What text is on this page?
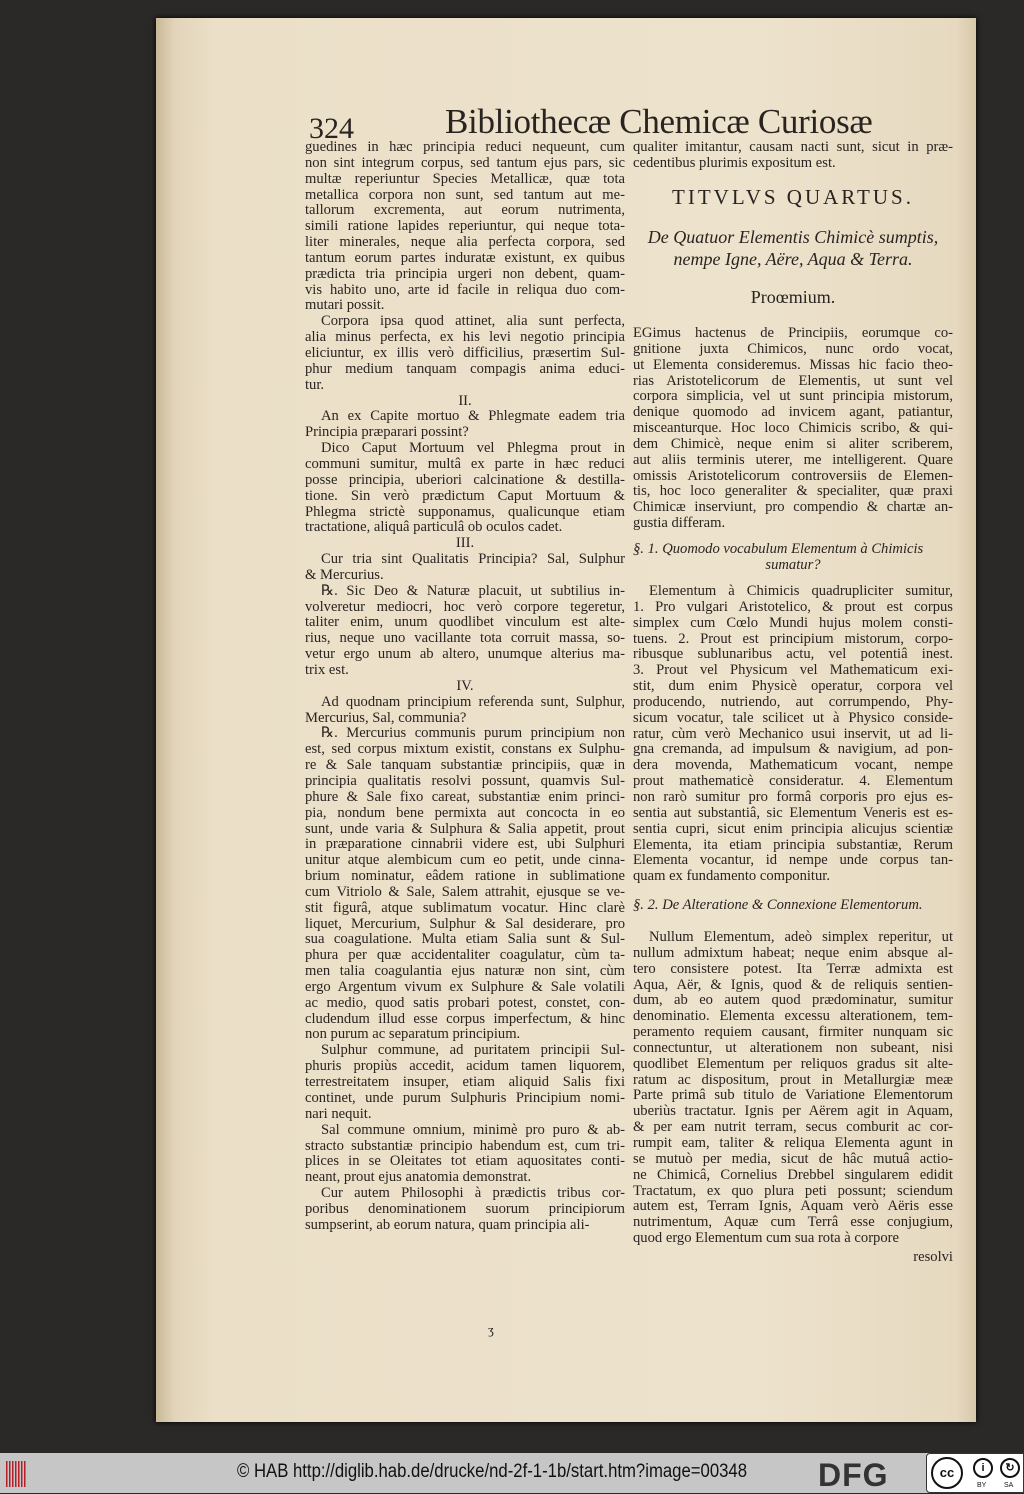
324	Bibliothecæ Chemicæ Curiosæ
guedines in hæc principia reduci nequeunt, cum
non sint integrum corpus, sed tantum ejus pars, sic
multæ reperiuntur Species Metallicæ, quæ tota
metallica corpora non sunt, sed tantum aut me-
tallorum excrementa, aut eorum nutrimenta,
simili ratione lapides reperiuntur, qui neque tota-
liter minerales, neque alia perfecta corpora, sed
tantum eorum partes induratæ existunt, ex quibus
prædicta tria principia urgeri non debent, quam-
vis habito uno, arte id facile in reliqua duo com-
mutari possit.
Corpora ipsa quod attinet, alia sunt perfecta,
alia minus perfecta, ex his levi negotio principia
eliciuntur, ex illis verò difficilius, præsertim Sul-
phur medium tanquam compagis anima educi-
tur.
II.
An ex Capite mortuo & Phlegmate eadem tria
Principia præparari possint?
Dico Caput Mortuum vel Phlegma prout in
communi sumitur, multâ ex parte in hæc reduci
posse principia, uberiori calcinatione & destilla-
tione. Sin verò prædictum Caput Mortuum &
Phlegma strictè supponamus, qualicunque etiam
tractatione, aliquâ particulâ ob oculos cadet.
III.
Cur tria sint Qualitatis Principia? Sal, Sulphur
& Mercurius.
℞. Sic Deo & Naturæ placuit, ut subtilius in-
volveretur mediocri, hoc verò corpore tegeretur,
taliter enim, unum quodlibet vinculum est alte-
rius, neque uno vacillante tota corruit massa, so-
vetur ergo unum ab altero, unumque alterius ma-
trix est.
IV.
Ad quodnam principium referenda sunt, Sulphur,
Mercurius, Sal, communia?
℞. Mercurius communis purum principium non
est, sed corpus mixtum existit, constans ex Sulphu-
re & Sale tanquam substantiæ principiis, quæ in
principia qualitatis resolvi possunt, quamvis Sul-
phure & Sale fixo careat, substantiæ enim princi-
pia, nondum bene permixta aut concocta in eo
sunt, unde varia & Sulphura & Salia appetit, prout
in præparatione cinnabrii videre est, ubi Sulphuri
unitur atque alembicum cum eo petit, unde cinna-
brium nominatur, eâdem ratione in sublimatione
cum Vitriolo & Sale, Salem attrahit, ejusque se ve-
stit figurâ, atque sublimatum vocatur. Hinc clarè
liquet, Mercurium, Sulphur & Sal desiderare, pro
sua coagulatione. Multa etiam Salia sunt & Sul-
phura per quæ accidentaliter coagulatur, cùm ta-
men talia coagulantia ejus naturæ non sint, cùm
ergo Argentum vivum ex Sulphure & Sale volatili
ac medio, quod satis probari potest, constet, con-
cludendum illud esse corpus imperfectum, & hinc
non purum ac separatum principium.
Sulphur commune, ad puritatem principii Sul-
phuris propiùs accedit, acidum tamen liquorem,
terrestreitatem insuper, etiam aliquid Salis fixi
continet, unde purum Sulphuris Principium nomi-
nari nequit.
Sal commune omnium, minimè pro puro & ab-
stracto substantiæ principio habendum est, cum tri-
plices in se Oleitates tot etiam aquositates conti-
neant, prout ejus anatomia demonstrat.
Cur autem Philosophi à prædictis tribus cor-
poribus denominationem suorum principiorum
sumpserint, ab eorum natura, quam principia ali-
qualiter imitantur, causam nacti sunt, sicut in præ-
cedentibus plurimis expositum est.
TITVLVS QUARTUS.
De Quatuor Elementis Chimicè sumptis,
nempe Igne, Aëre, Aqua & Terra.
Proœmium.
EGimus hactenus de Principiis, eorumque co-
gnitione juxta Chimicos, nunc ordo vocat,
ut Elementa consideremus. Missas hic facio theo-
rias Aristotelicorum de Elementis, ut sunt vel
corpora simplicia, vel ut sunt principia mistorum,
denique quomodo ad invicem agant, patiantur,
misceanturque. Hoc loco Chimicis scribo, & qui-
dem Chimicè, neque enim si aliter scriberem,
aut aliis terminis uterer, me intelligerent. Quare
omissis Aristotelicorum controversiis de Elemen-
tis, hoc loco generaliter & specialiter, quæ praxi
Chimicæ inserviunt, pro compendio & chartæ an-
gustia differam.
§. 1. Quomodo vocabulum Elementum à Chimicis
sumatur?
Elementum à Chimicis quadrupliciter sumitur,
1. Pro vulgari Aristotelico, & prout est corpus
simplex cum Cœlo Mundi hujus molem consti-
tuens. 2. Prout est principium mistorum, corpo-
ribusque sublunaribus actu, vel potentiâ inest.
3. Prout vel Physicum vel Mathematicum exi-
stit, dum enim Physicè operatur, corpora vel
producendo, nutriendo, aut corrumpendo, Phy-
sicum vocatur, tale scilicet ut à Physico conside-
ratur, cùm verò Mechanico usui inservit, ut ad li-
gna cremanda, ad impulsum & navigium, ad pon-
dera movenda, Mathematicum vocant, nempe
prout mathematicè consideratur. 4. Elementum
non rarò sumitur pro formâ corporis pro ejus es-
sentia aut substantiâ, sic Elementum Veneris est es-
sentia cupri, sicut enim principia alicujus scientiæ
Elementa, ita etiam principia substantiæ, Rerum
Elementa vocantur, id nempe unde corpus tan-
quam ex fundamento componitur.
§. 2. De Alteratione & Connexione Elementorum.
Nullum Elementum, adeò simplex reperitur, ut
nullum admixtum habeat; neque enim absque al-
tero consistere potest. Ita Terræ admixta est
Aqua, Aër, & Ignis, quod & de reliquis sentien-
dum, ab eo autem quod prædominatur, sumitur
denominatio. Elementa excessu alterationem, tem-
peramento requiem causant, firmiter nunquam sic
connectuntur, ut alterationem non subeant, nisi
quodlibet Elementum per reliquos gradus sit alte-
ratum ac dispositum, prout in Metallurgiæ meæ
Parte primâ sub titulo de Variatione Elementorum
uberiùs tractatur. Ignis per Aërem agit in Aquam,
& per eam nutrit terram, secus comburit ac cor-
rumpit eam, taliter & reliqua Elementa agunt in
se mutuò per media, sicut de hâc mutuâ actio-
ne Chimicâ, Cornelius Drebbel singularem edidit
Tractatum, ex quo plura peti possunt; sciendum
autem est, Terram Ignis, Aquam verò Aëris esse
nutrimentum, Aquæ cum Terrâ esse conjugium,
quod ergo Elementum cum sua rota à corpore
resolvi
ʒ
© HAB http://diglib.hab.de/drucke/nd-2f-1-1b/start.htm?image=00348 DFG	cc	i	↻
BY	SA
